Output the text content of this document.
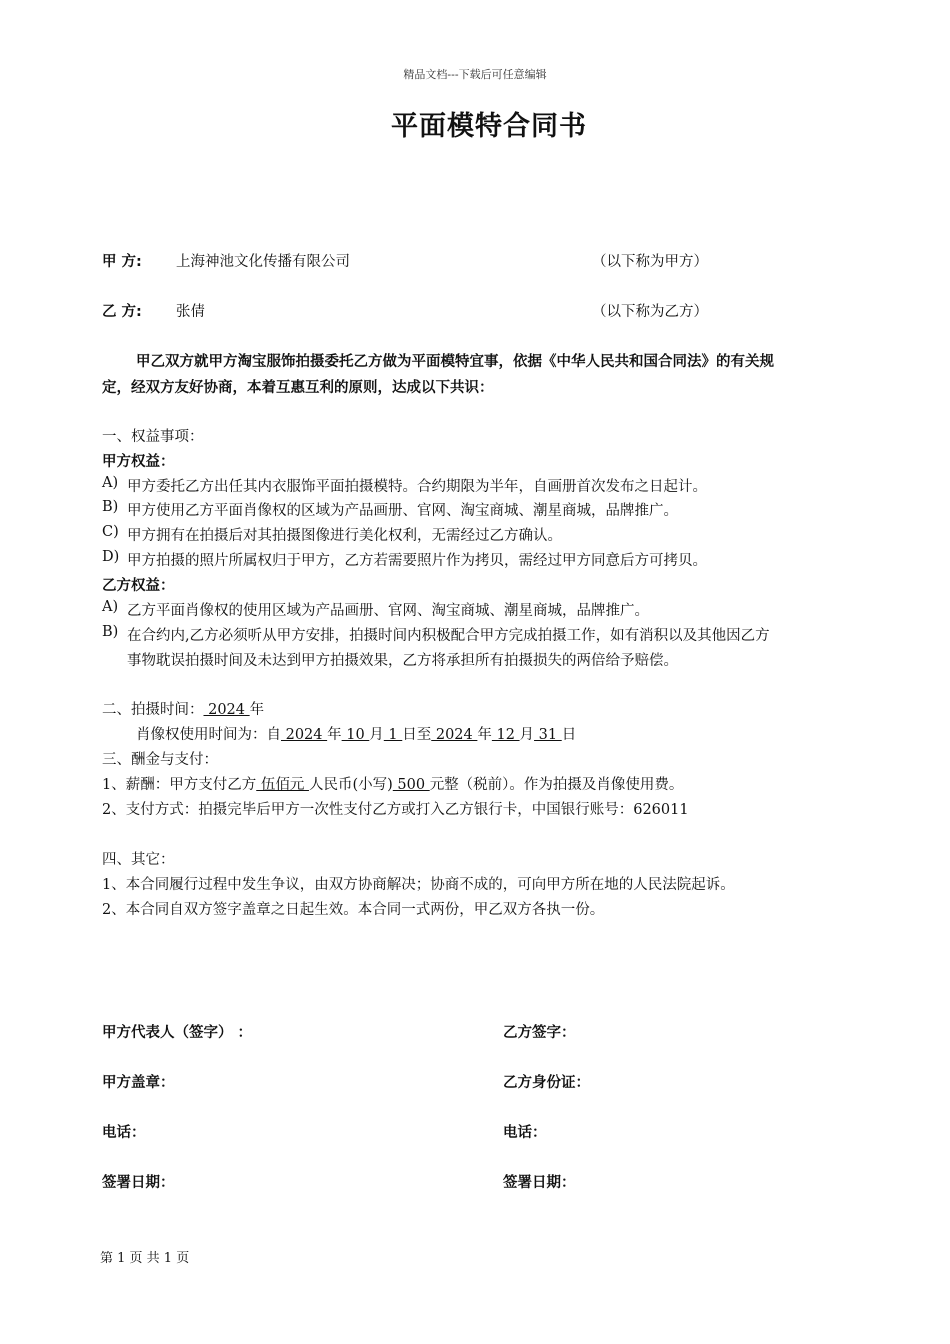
精品文档---下载后可任意编辑
平面模特合同书
甲 方: 上海神池文化传播有限公司	（以下称为甲方）
乙 方: 张倩	（以下称为乙方）
甲乙双方就甲方淘宝服饰拍摄委托乙方做为平面模特宜事，依据《中华人民共和国合同法》的有关规
定，经双方友好协商，本着互惠互利的原则，达成以下共识：
一、权益事项：
甲方权益：
A) 甲方委托乙方出任其内衣服饰平面拍摄模特。合约期限为半年，自画册首次发布之日起计。
B) 甲方使用乙方平面肖像权的区域为产品画册、官网、淘宝商城、潮星商城，品牌推广。
C) 甲方拥有在拍摄后对其拍摄图像进行美化权利，无需经过乙方确认。
D) 甲方拍摄的照片所属权归于甲方，乙方若需要照片作为拷贝，需经过甲方同意后方可拷贝。
乙方权益：
A) 乙方平面肖像权的使用区域为产品画册、官网、淘宝商城、潮星商城，品牌推广。
B) 在合约内,乙方必须听从甲方安排，拍摄时间内积极配合甲方完成拍摄工作，如有消积以及其他因乙方
事物耽误拍摄时间及未达到甲方拍摄效果，乙方将承担所有拍摄损失的两倍给予赔偿。
二、拍摄时间： 2024 年
肖像权使用时间为：自 2024 年 10 月 1 日至 2024 年 12 月 31 日
三、酬金与支付：
1、薪酬：甲方支付乙方 伍佰元 人民币(小写) 500 元整（税前）。作为拍摄及肖像使用费。
2、支付方式：拍摄完毕后甲方一次性支付乙方或打入乙方银行卡，中国银行账号：626011
四、其它：
1、本合同履行过程中发生争议，由双方协商解决；协商不成的，可向甲方所在地的人民法院起诉。
2、本合同自双方签字盖章之日起生效。本合同一式两份，甲乙双方各执一份。
甲方代表人（签字） ：	乙方签字：
甲方盖章：	乙方身份证：
电话：	电话：
签署日期：	签署日期：
第 1 页 共 1 页
